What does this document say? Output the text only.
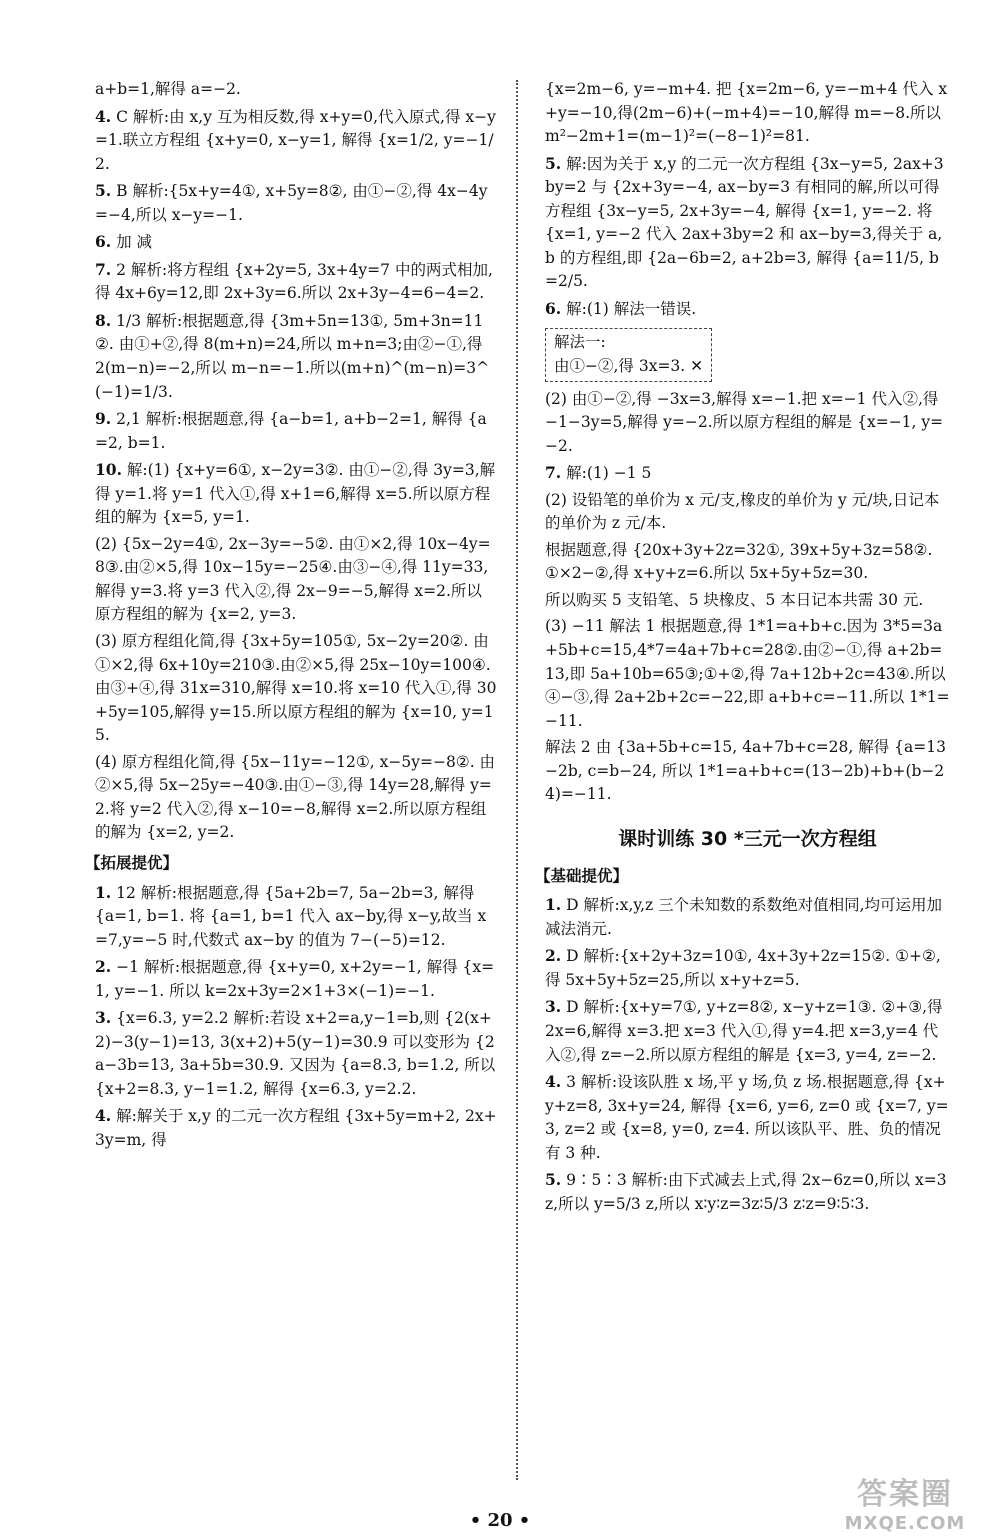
a+b=1,解得 a=−2.
4. C 解析:由 x,y 互为相反数,得 x+y=0,代入原式,得 x−y=1.联立方程组 {x+y=0, x−y=1, 解得 {x=1/2, y=−1/2.
5. B 解析:{5x+y=4①, x+5y=8②, 由①−②,得 4x−4y=−4,所以 x−y=−1.
6. 加 减
7. 2 解析:将方程组 {x+2y=5, 3x+4y=7 中的两式相加,得 4x+6y=12,即 2x+3y=6.所以 2x+3y−4=6−4=2.
8. 1/3 解析:根据题意,得 {3m+5n=13①, 5m+3n=11②. 由①+②,得 8(m+n)=24,所以 m+n=3;由②−①,得 2(m−n)=−2,所以 m−n=−1.所以(m+n)^(m−n)=3^(−1)=1/3.
9. 2,1 解析:根据题意,得 {a−b=1, a+b−2=1, 解得 {a=2, b=1.
10. 解:(1) {x+y=6①, x−2y=3②. 由①−②,得 3y=3,解得 y=1.将 y=1 代入①,得 x+1=6,解得 x=5.所以原方程组的解为 {x=5, y=1.
(2) {5x−2y=4①, 2x−3y=−5②. 由①×2,得 10x−4y=8③.由②×5,得 10x−15y=−25④.由③−④,得 11y=33,解得 y=3.将 y=3 代入②,得 2x−9=−5,解得 x=2.所以原方程组的解为 {x=2, y=3.
(3) 原方程组化简,得 {3x+5y=105①, 5x−2y=20②. 由①×2,得 6x+10y=210③.由②×5,得 25x−10y=100④.由③+④,得 31x=310,解得 x=10.将 x=10 代入①,得 30+5y=105,解得 y=15.所以原方程组的解为 {x=10, y=15.
(4) 原方程组化简,得 {5x−11y=−12①, x−5y=−8②. 由②×5,得 5x−25y=−40③.由①−③,得 14y=28,解得 y=2.将 y=2 代入②,得 x−10=−8,解得 x=2.所以原方程组的解为 {x=2, y=2.
【拓展提优】
1. 12 解析:根据题意,得 {5a+2b=7, 5a−2b=3, 解得 {a=1, b=1. 将 {a=1, b=1 代入 ax−by,得 x−y,故当 x=7,y=−5 时,代数式 ax−by 的值为 7−(−5)=12.
2. −1 解析:根据题意,得 {x+y=0, x+2y=−1, 解得 {x=1, y=−1. 所以 k=2x+3y=2×1+3×(−1)=−1.
3. {x=6.3, y=2.2 解析:若设 x+2=a,y−1=b,则 {2(x+2)−3(y−1)=13, 3(x+2)+5(y−1)=30.9 可以变形为 {2a−3b=13, 3a+5b=30.9. 又因为 {a=8.3, b=1.2, 所以 {x+2=8.3, y−1=1.2, 解得 {x=6.3, y=2.2.
4. 解:解关于 x,y 的二元一次方程组 {3x+5y=m+2, 2x+3y=m, 得
{x=2m−6, y=−m+4. 把 {x=2m−6, y=−m+4 代入 x+y=−10,得(2m−6)+(−m+4)=−10,解得 m=−8.所以 m²−2m+1=(m−1)²=(−8−1)²=81.
5. 解:因为关于 x,y 的二元一次方程组 {3x−y=5, 2ax+3by=2 与 {2x+3y=−4, ax−by=3 有相同的解,所以可得方程组 {3x−y=5, 2x+3y=−4, 解得 {x=1, y=−2. 将 {x=1, y=−2 代入 2ax+3by=2 和 ax−by=3,得关于 a,b 的方程组,即 {2a−6b=2, a+2b=3, 解得 {a=11/5, b=2/5.
6. 解:(1) 解法一错误.
解法一:
由①−②,得 3x=3. ✕
(2) 由①−②,得 −3x=3,解得 x=−1.把 x=−1 代入②,得 −1−3y=5,解得 y=−2.所以原方程组的解是 {x=−1, y=−2.
7. 解:(1) −1 5
(2) 设铅笔的单价为 x 元/支,橡皮的单价为 y 元/块,日记本的单价为 z 元/本.
根据题意,得 {20x+3y+2z=32①, 39x+5y+3z=58②. ①×2−②,得 x+y+z=6.所以 5x+5y+5z=30.
所以购买 5 支铅笔、5 块橡皮、5 本日记本共需 30 元.
(3) −11 解法 1 根据题意,得 1*1=a+b+c.因为 3*5=3a+5b+c=15,4*7=4a+7b+c=28②.由②−①,得 a+2b=13,即 5a+10b=65③;①+②,得 7a+12b+2c=43④.所以④−③,得 2a+2b+2c=−22,即 a+b+c=−11.所以 1*1=−11.
解法 2 由 {3a+5b+c=15, 4a+7b+c=28, 解得 {a=13−2b, c=b−24, 所以 1*1=a+b+c=(13−2b)+b+(b−24)=−11.
课时训练 30 *三元一次方程组
【基础提优】
1. D 解析:x,y,z 三个未知数的系数绝对值相同,均可运用加减法消元.
2. D 解析:{x+2y+3z=10①, 4x+3y+2z=15②. ①+②,得 5x+5y+5z=25,所以 x+y+z=5.
3. D 解析:{x+y=7①, y+z=8②, x−y+z=1③. ②+③,得 2x=6,解得 x=3.把 x=3 代入①,得 y=4.把 x=3,y=4 代入②,得 z=−2.所以原方程组的解是 {x=3, y=4, z=−2.
4. 3 解析:设该队胜 x 场,平 y 场,负 z 场.根据题意,得 {x+y+z=8, 3x+y=24, 解得 {x=6, y=6, z=0 或 {x=7, y=3, z=2 或 {x=8, y=0, z=4. 所以该队平、胜、负的情况有 3 种.
5. 9∶5∶3 解析:由下式减去上式,得 2x−6z=0,所以 x=3z,所以 y=5/3 z,所以 x∶y∶z=3z∶5/3 z∶z=9∶5∶3.
• 20 •
答案圈
MXQE.COM
